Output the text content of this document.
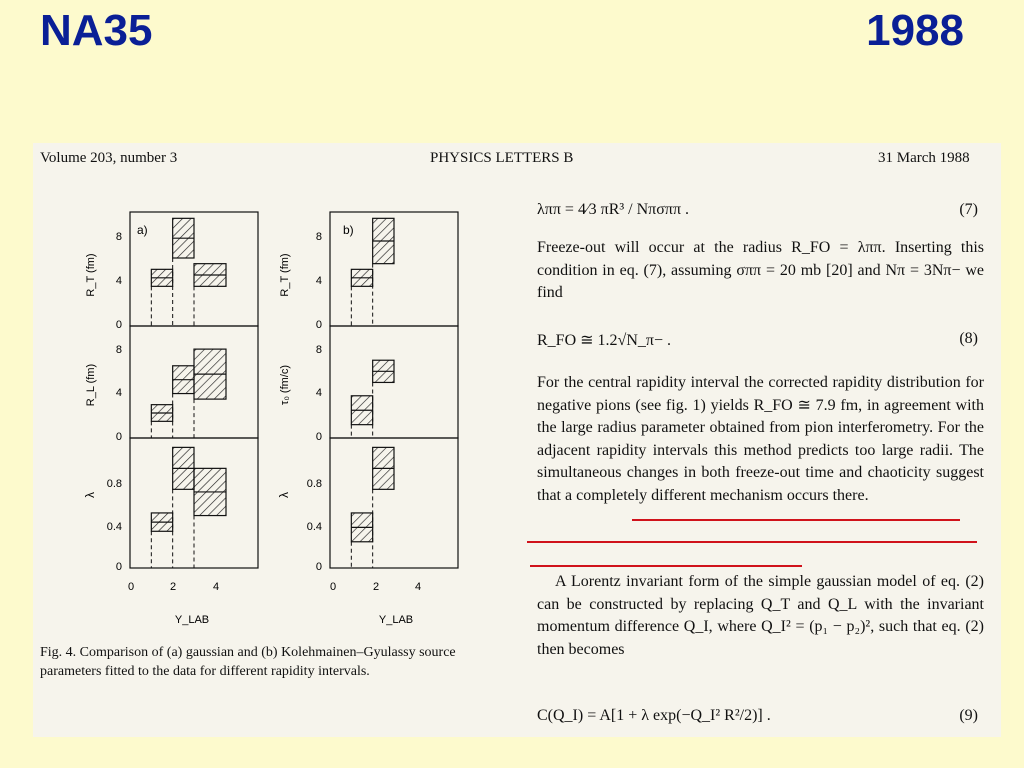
NA35	1988
Volume 203, number 3	PHYSICS LETTERS B	31 March 1988
a)	b)
R_T (fm)
R_L (fm)
λ
R_T (fm)
τ₀ (fm/c)
λ
8
4
0
8
4
0
0.8
0.4
0
8
4
0
8
4
0
0.8
0.4
0
0	2	4	0	2	4
Y_LAB	Y_LAB
Fig. 4. Comparison of (a) gaussian and (b) Kolehmainen–Gyulassy source parameters fitted to the data for different rapidity intervals.
λππ = 4⁄3 πR³ / Nπσππ .	(7)

Freeze-out will occur at the radius R_FO = λππ. Inserting this condition in eq. (7), assuming σππ = 20 mb [20] and Nπ = 3Nπ− we find

R_FO ≅ 1.2√N_π− .	(8)
For the central rapidity interval the corrected rapidity distribution for negative pions (see fig. 1) yields R_FO ≅ 7.9 fm, in agreement with the large radius parameter obtained from pion interferometry. For the adjacent rapidity intervals this method predicts too large radii. The simultaneous changes in both freeze-out time and chaoticity suggest that a completely different mechanism occurs there.

A Lorentz invariant form of the simple gaussian model of eq. (2) can be constructed by replacing Q_T and Q_L with the invariant momentum difference Q_I, where Q_I² = (p₁ − p₂)², such that eq. (2) then becomes

C(Q_I) = A[1 + λ exp(−Q_I² R²/2)] .	(9)
